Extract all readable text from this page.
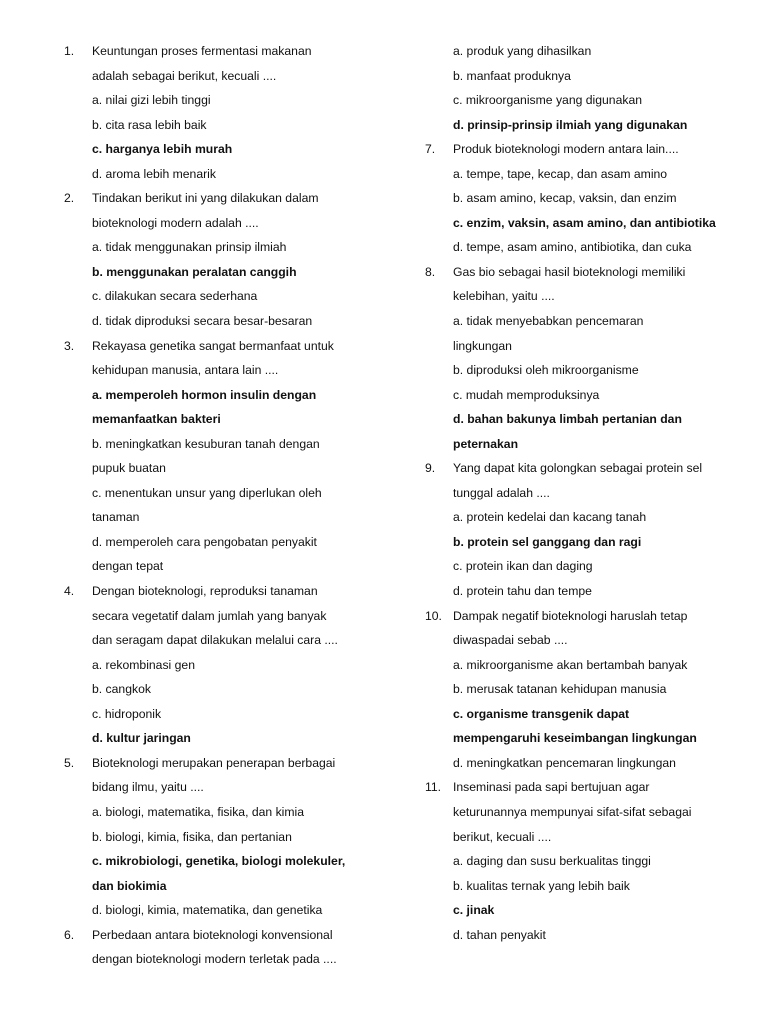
1.	Keuntungan proses fermentasi makanan
adalah sebagai berikut, kecuali ....
a. nilai gizi lebih tinggi
b. cita rasa lebih baik
c. harganya lebih murah
d. aroma lebih menarik
2.	Tindakan berikut ini yang dilakukan dalam
bioteknologi modern adalah ....
a. tidak menggunakan prinsip ilmiah
b. menggunakan peralatan canggih
c. dilakukan secara sederhana
d. tidak diproduksi secara besar-besaran
3.	Rekayasa genetika sangat bermanfaat untuk
kehidupan manusia, antara lain ....
a. memperoleh hormon insulin dengan
memanfaatkan bakteri
b. meningkatkan kesuburan tanah dengan
pupuk buatan
c. menentukan unsur yang diperlukan oleh
tanaman
d. memperoleh cara pengobatan penyakit
dengan tepat
4.	Dengan bioteknologi, reproduksi tanaman
secara vegetatif dalam jumlah yang banyak
dan seragam dapat dilakukan melalui cara ....
a. rekombinasi gen
b. cangkok
c. hidroponik
d. kultur jaringan
5.	Bioteknologi merupakan penerapan berbagai
bidang ilmu, yaitu ....
a. biologi, matematika, fisika, dan kimia
b. biologi, kimia, fisika, dan pertanian
c. mikrobiologi, genetika, biologi molekuler,
dan biokimia
d. biologi, kimia, matematika, dan genetika
6.	Perbedaan antara bioteknologi konvensional
dengan bioteknologi modern terletak pada ....
a. produk yang dihasilkan
b. manfaat produknya
c. mikroorganisme yang digunakan
d. prinsip-prinsip ilmiah yang digunakan
7.	Produk bioteknologi modern antara lain....
a. tempe, tape, kecap, dan asam amino
b. asam amino, kecap, vaksin, dan enzim
c. enzim, vaksin, asam amino, dan antibiotika
d. tempe, asam amino, antibiotika, dan cuka
8.	Gas bio sebagai hasil bioteknologi memiliki
kelebihan, yaitu ....
a. tidak menyebabkan pencemaran
lingkungan
b. diproduksi oleh mikroorganisme
c. mudah memproduksinya
d. bahan bakunya limbah pertanian dan
peternakan
9.	Yang dapat kita golongkan sebagai protein sel
tunggal adalah ....
a. protein kedelai dan kacang tanah
b. protein sel ganggang dan ragi
c. protein ikan dan daging
d. protein tahu dan tempe
10. Dampak negatif bioteknologi haruslah tetap
diwaspadai sebab ....
a. mikroorganisme akan bertambah banyak
b. merusak tatanan kehidupan manusia
c. organisme transgenik dapat
mempengaruhi keseimbangan lingkungan
d. meningkatkan pencemaran lingkungan
11. Inseminasi pada sapi bertujuan agar
keturunannya mempunyai sifat-sifat sebagai
berikut, kecuali ....
a. daging dan susu berkualitas tinggi
b. kualitas ternak yang lebih baik
c. jinak
d. tahan penyakit
